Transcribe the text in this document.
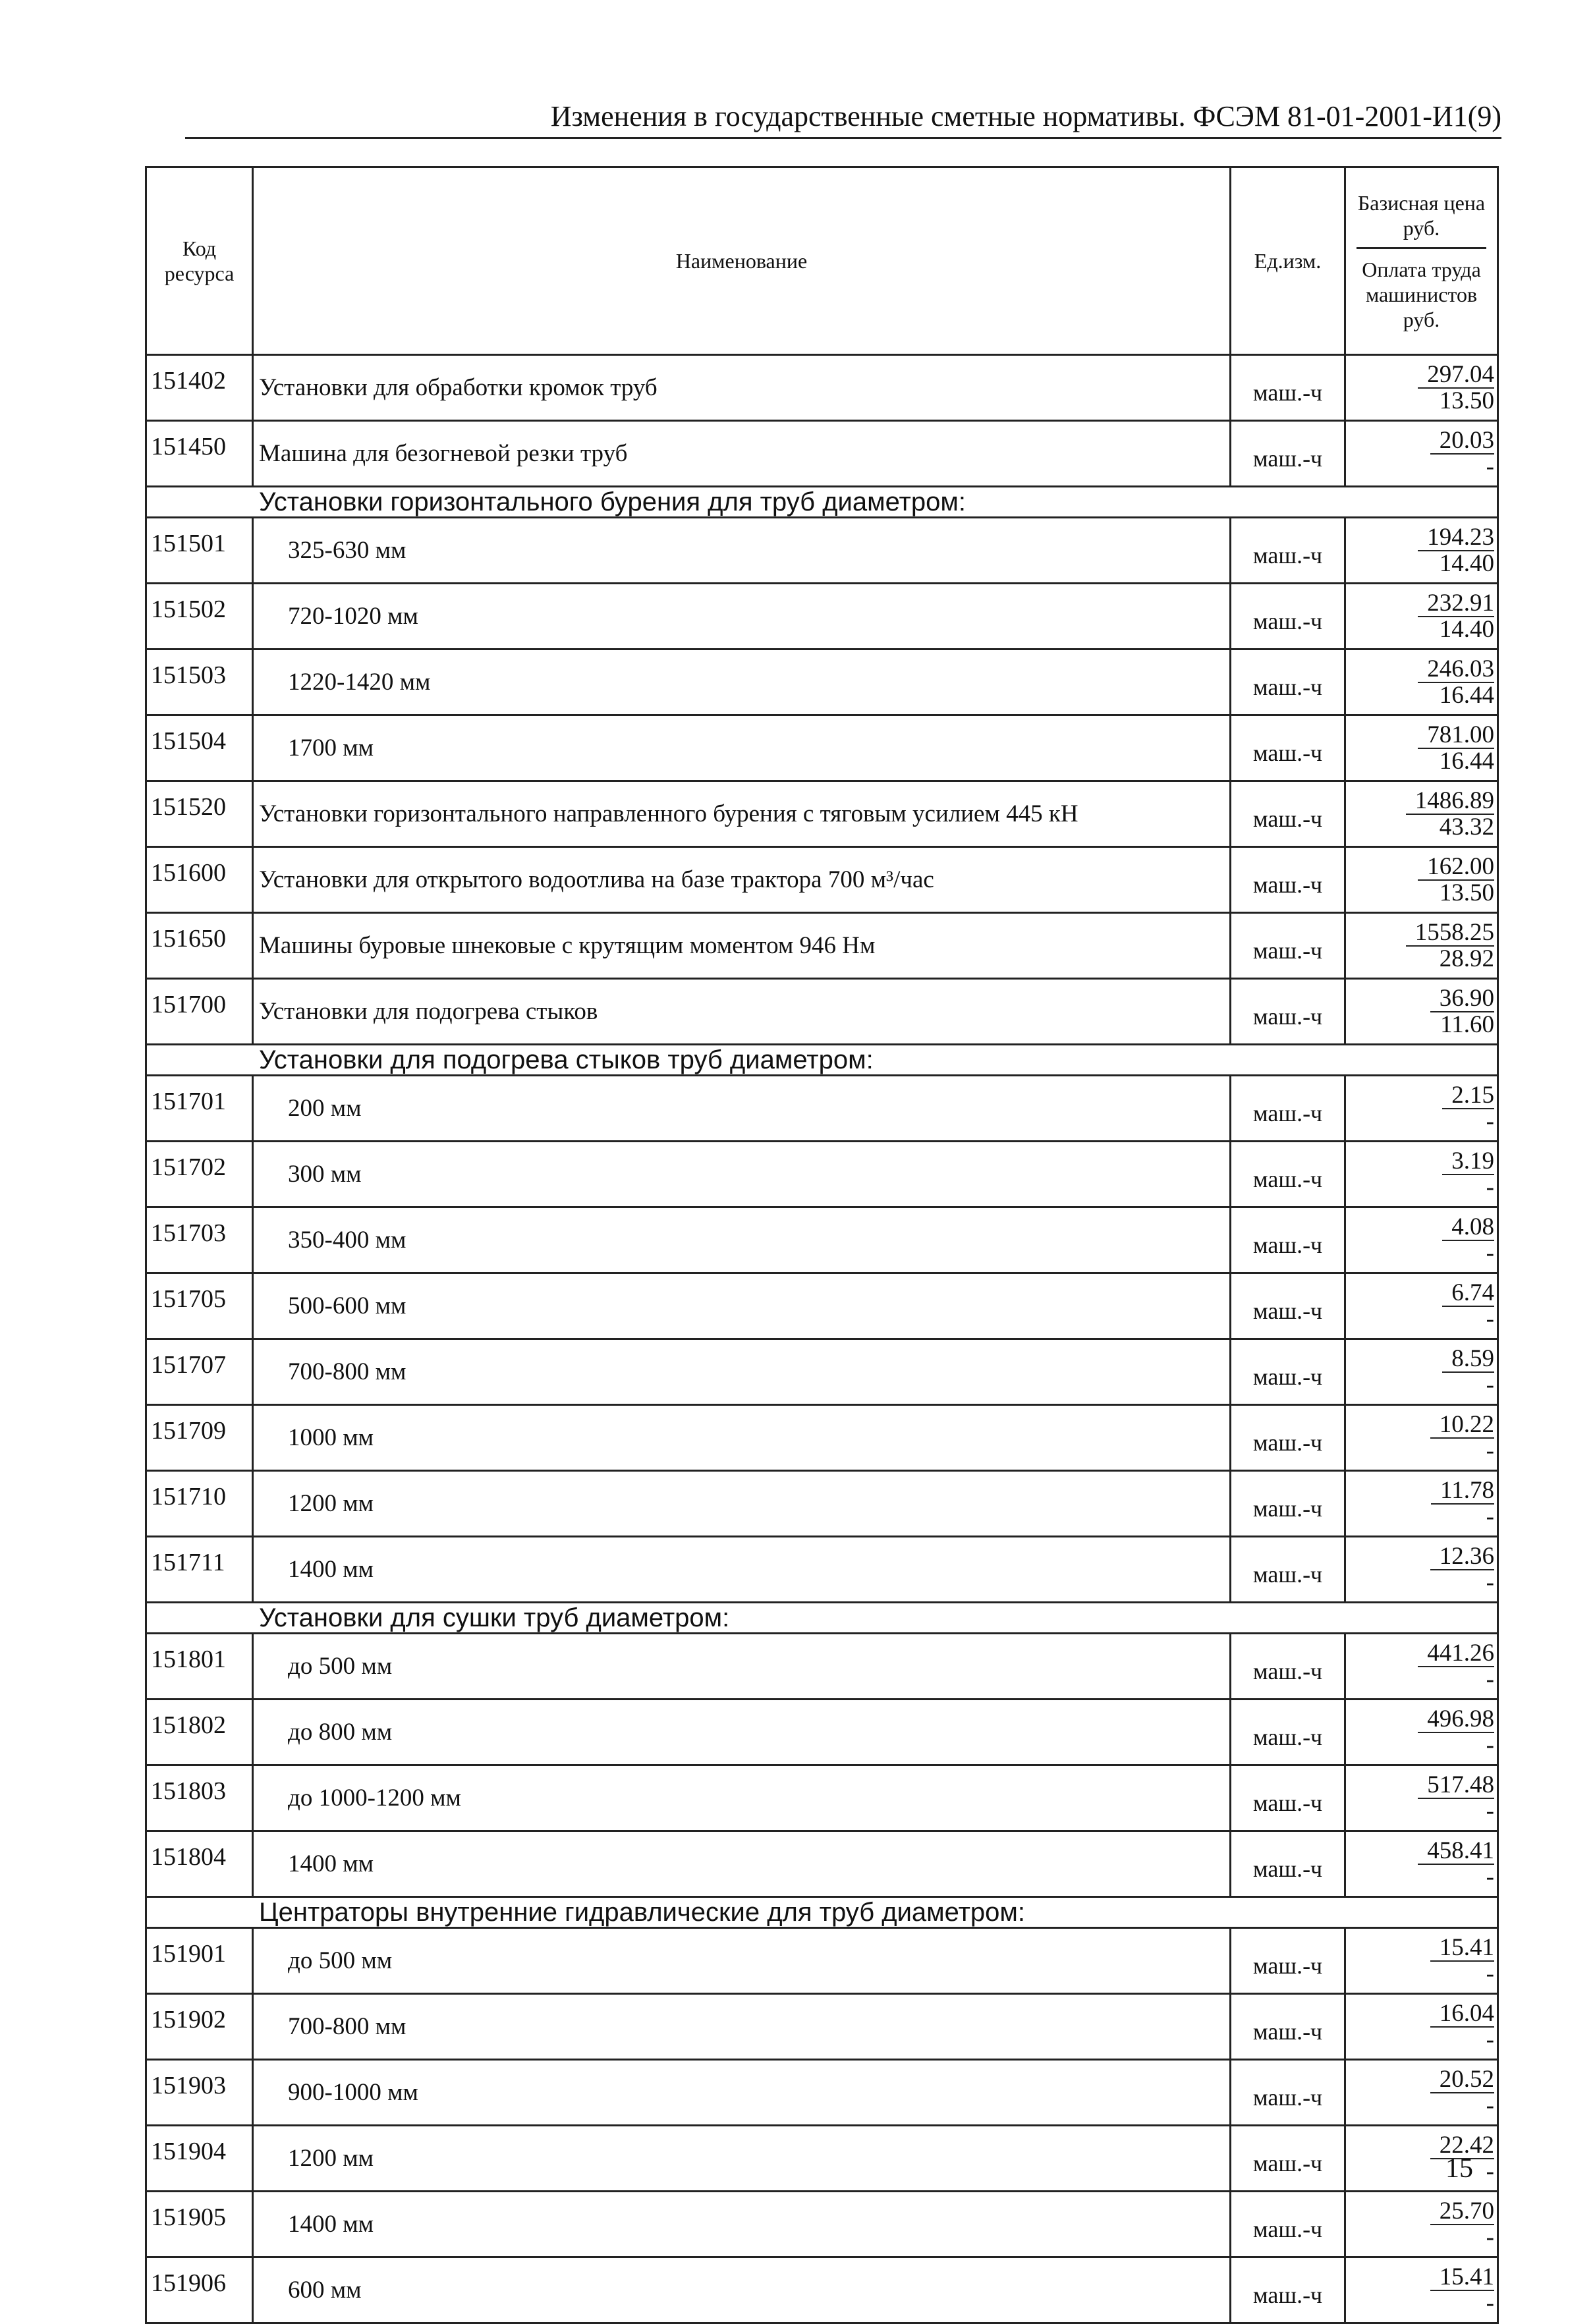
Изменения в государственные сметные нормативы. ФСЭМ 81-01-2001-И1(9)
Код ресурса	Наименование	Ед.изм.	Базисная цена руб.
Оплата труда машинистов руб.

151402	Установки для обработки кромок труб	маш.-ч	297.04
13.50

151450	Машина для безогневой резки труб	маш.-ч	20.03
-

Установки горизонтального бурения для труб диаметром:			
151501	325-630 мм	маш.-ч	194.23
14.40

151502	720-1020 мм	маш.-ч	232.91
14.40

151503	1220-1420 мм	маш.-ч	246.03
16.44

151504	1700 мм	маш.-ч	781.00
16.44

151520	Установки горизонтального направленного бурения с тяговым усилием 445 кН	маш.-ч	1486.89
43.32

151600	Установки для открытого водоотлива на базе трактора 700 м³/час	маш.-ч	162.00
13.50

151650	Машины буровые шнековые с крутящим моментом 946 Нм	маш.-ч	1558.25
28.92

151700	Установки для подогрева стыков	маш.-ч	36.90
11.60

Установки для подогрева стыков труб диаметром:			
151701	200 мм	маш.-ч	2.15
-

151702	300 мм	маш.-ч	3.19
-

151703	350-400 мм	маш.-ч	4.08
-

151705	500-600 мм	маш.-ч	6.74
-

151707	700-800 мм	маш.-ч	8.59
-

151709	1000 мм	маш.-ч	10.22
-

151710	1200 мм	маш.-ч	11.78
-

151711	1400 мм	маш.-ч	12.36
-

Установки для сушки труб диаметром:			
151801	до 500 мм	маш.-ч	441.26
-

151802	до 800 мм	маш.-ч	496.98
-

151803	до 1000-1200 мм	маш.-ч	517.48
-

151804	1400 мм	маш.-ч	458.41
-

Центраторы внутренние гидравлические для труб диаметром:			
151901	до 500 мм	маш.-ч	15.41
-

151902	700-800 мм	маш.-ч	16.04
-

151903	900-1000 мм	маш.-ч	20.52
-

151904	1200 мм	маш.-ч	22.42
-

151905	1400 мм	маш.-ч	25.70
-

151906	600 мм	маш.-ч	15.41
-
15
